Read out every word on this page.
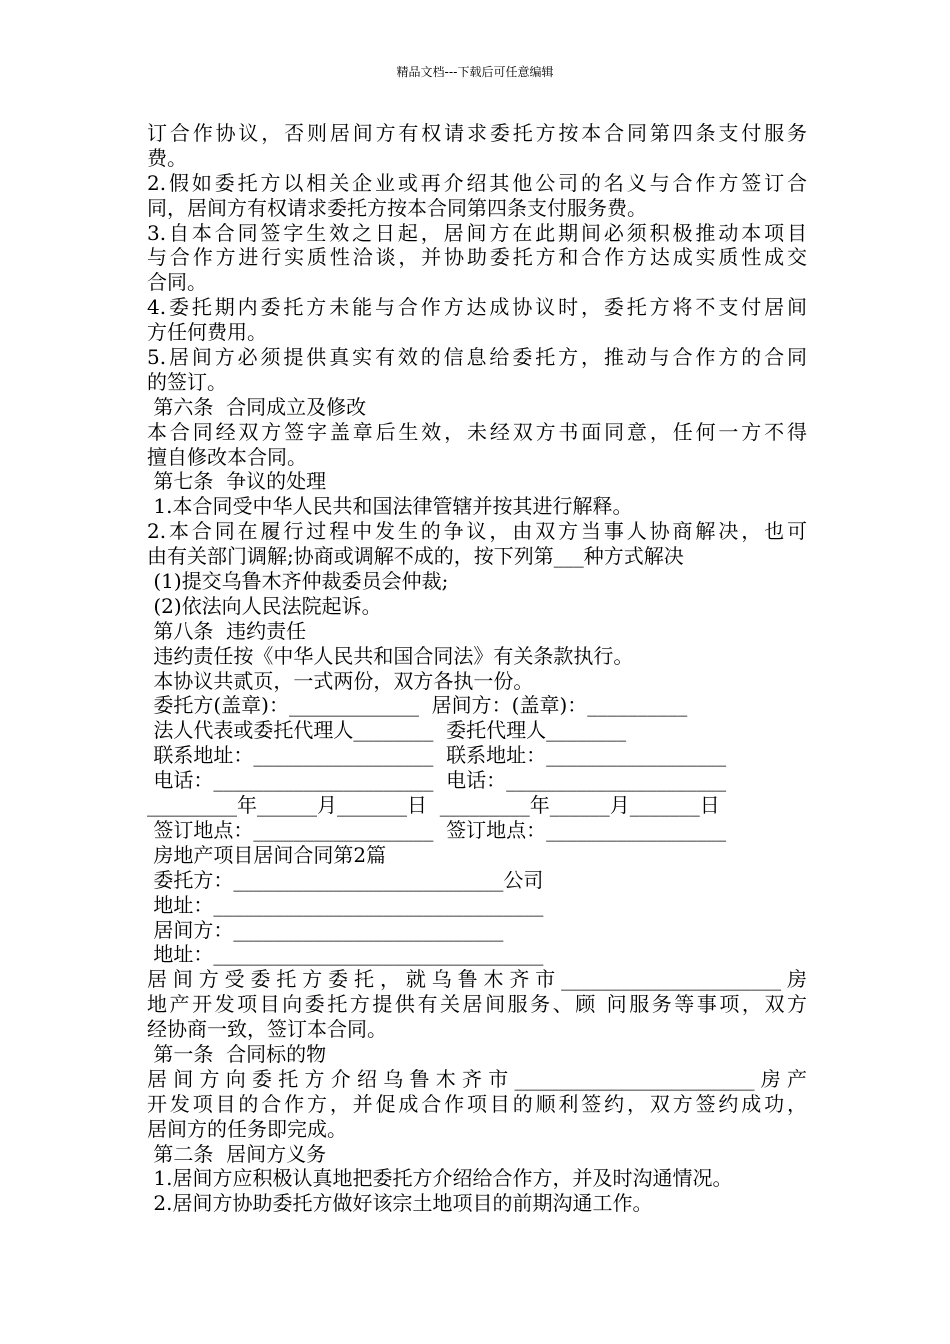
精品文档---下载后可任意编辑
订合作协议，否则居间方有权请求委托方按本合同第四条支付服务
费。
2.假如委托方以相关企业或再介绍其他公司的名义与合作方签订合
同，居间方有权请求委托方按本合同第四条支付服务费。
3.自本合同签字生效之日起，居间方在此期间必须积极推动本项目
与合作方进行实质性洽谈，并协助委托方和合作方达成实质性成交
合同。
4.委托期内委托方未能与合作方达成协议时，委托方将不支付居间
方任何费用。
5.居间方必须提供真实有效的信息给委托方，推动与合作方的合同
的签订。
第六条  合同成立及修改
本合同经双方签字盖章后生效，未经双方书面同意，任何一方不得
擅自修改本合同。
第七条  争议的处理
1.本合同受中华人民共和国法律管辖并按其进行解释。
2.本合同在履行过程中发生的争议，由双方当事人协商解决，也可
由有关部门调解;协商或调解不成的，按下列第___种方式解决
(1)提交乌鲁木齐仲裁委员会仲裁;
(2)依法向人民法院起诉。
第八条  违约责任
违约责任按《中华人民共和国合同法》有关条款执行。
本协议共贰页，一式两份，双方各执一份。
委托方(盖章)：_____________  居间方：(盖章)：__________
法人代表或委托代理人________  委托代理人________
联系地址：__________________  联系地址：__________________
电话：______________________  电话：______________________
_________年______月_______日  _________年______月_______日
签订地点：__________________  签订地点：__________________
房地产项目居间合同第2篇
委托方：___________________________公司
地址：_________________________________
居间方：___________________________
地址：_________________________________
居间方受委托方委托，就乌鲁木齐市______________________房
地产开发项目向委托方提供有关居间服务、顾 问服务等事项，双方
经协商一致，签订本合同。
第一条  合同标的物
居间方向委托方介绍乌鲁木齐市________________________房产
开发项目的合作方，并促成合作项目的顺利签约，双方签约成功，
居间方的任务即完成。
第二条  居间方义务
1.居间方应积极认真地把委托方介绍给合作方，并及时沟通情况。
2.居间方协助委托方做好该宗土地项目的前期沟通工作。
